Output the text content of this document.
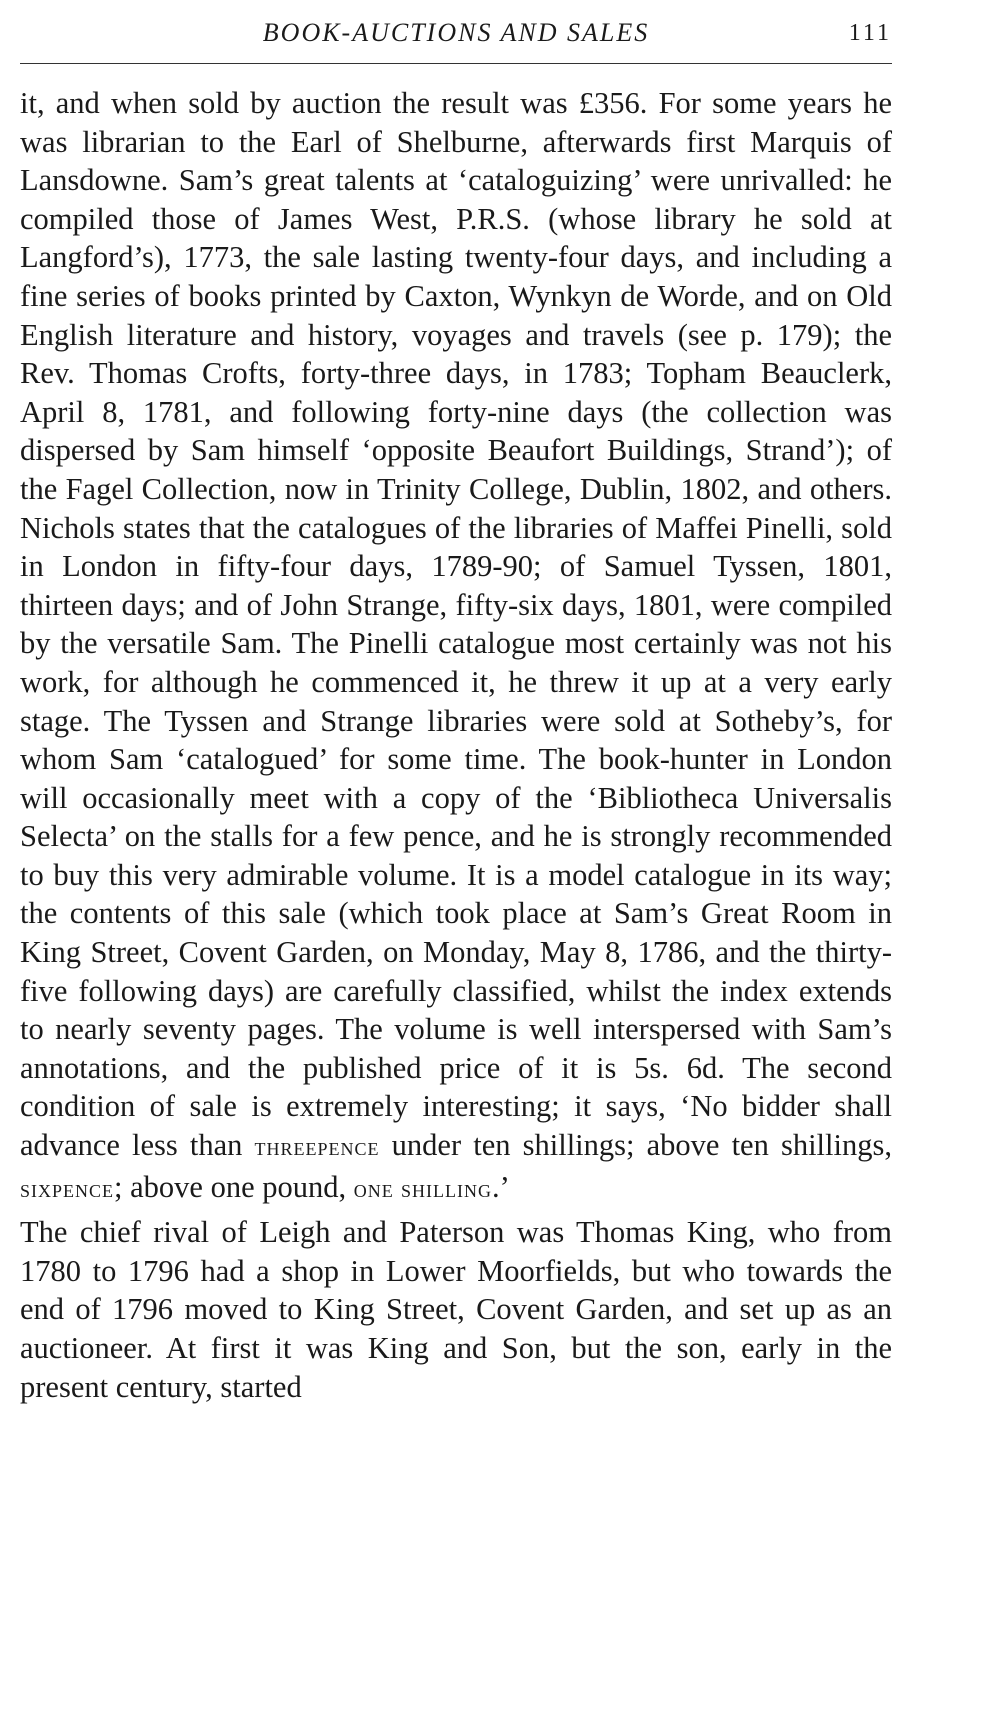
BOOK-AUCTIONS AND SALES	111

it, and when sold by auction the result was £356. For some years he was librarian to the Earl of Shelburne, afterwards first Marquis of Lansdowne. Sam’s great talents at ‘cataloguizing’ were unrivalled: he compiled those of James West, P.R.S. (whose library he sold at Langford’s), 1773, the sale lasting twenty-four days, and including a fine series of books printed by Caxton, Wynkyn de Worde, and on Old English literature and history, voyages and travels (see p. 179); the Rev. Thomas Crofts, forty-three days, in 1783; Topham Beauclerk, April 8, 1781, and following forty-nine days (the collection was dispersed by Sam himself ‘opposite Beaufort Buildings, Strand’); of the Fagel Collection, now in Trinity College, Dublin, 1802, and others. Nichols states that the catalogues of the libraries of Maffei Pinelli, sold in London in fifty-four days, 1789-90; of Samuel Tyssen, 1801, thirteen days; and of John Strange, fifty-six days, 1801, were compiled by the versatile Sam. The Pinelli catalogue most certainly was not his work, for although he commenced it, he threw it up at a very early stage. The Tyssen and Strange libraries were sold at Sotheby’s, for whom Sam ‘catalogued’ for some time. The book-hunter in London will occasionally meet with a copy of the ‘Bibliotheca Universalis Selecta’ on the stalls for a few pence, and he is strongly recommended to buy this very admirable volume. It is a model catalogue in its way; the contents of this sale (which took place at Sam’s Great Room in King Street, Covent Garden, on Monday, May 8, 1786, and the thirty-five following days) are carefully classified, whilst the index extends to nearly seventy pages. The volume is well interspersed with Sam’s annotations, and the published price of it is 5s. 6d. The second condition of sale is extremely interesting; it says, ‘No bidder shall advance less than threepence under ten shillings; above ten shillings, sixpence; above one pound, one shilling.’

The chief rival of Leigh and Paterson was Thomas King, who from 1780 to 1796 had a shop in Lower Moorfields, but who towards the end of 1796 moved to King Street, Covent Garden, and set up as an auctioneer. At first it was King and Son, but the son, early in the present century, started
